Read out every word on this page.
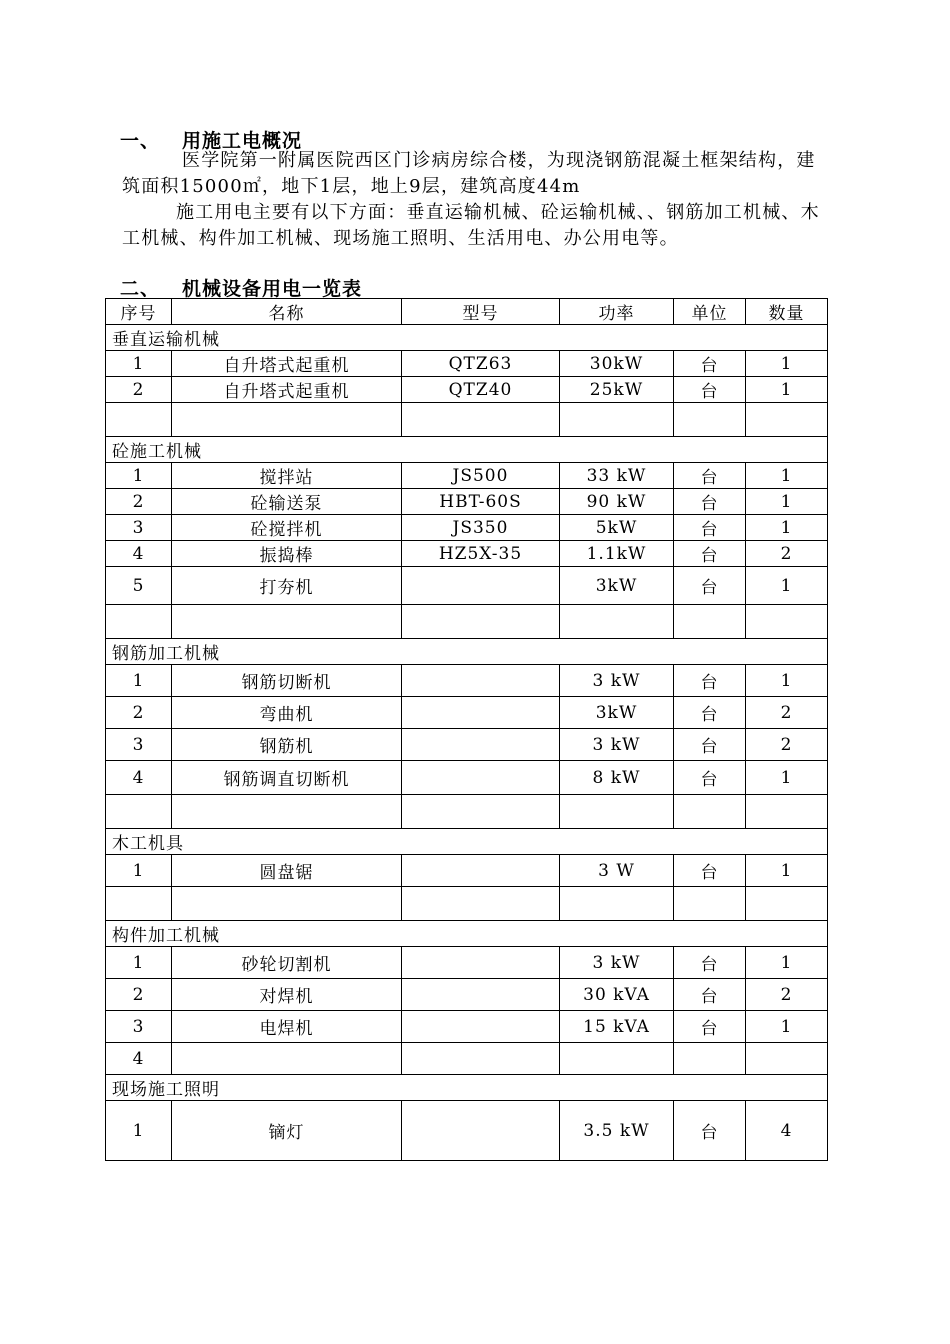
一、 用施工电概况
医学院第一附属医院西区门诊病房综合楼，为现浇钢筋混凝土框架结构，建筑面积15000㎡，地下1层，地上9层，建筑高度44m
施工用电主要有以下方面：垂直运输机械、砼运输机械、、钢筋加工机械、木工机械、构件加工机械、现场施工照明、生活用电、办公用电等。
二、 机械设备用电一览表
序号	名称	型号	功率	单位	数量
垂直运输机械					
1	自升塔式起重机	QTZ63	30kW	台	1
2	自升塔式起重机	QTZ40	25kW	台	1

砼施工机械					
1	搅拌站	JS500	33 kW	台	1
2	砼输送泵	HBT-60S	90 kW	台	1
3	砼搅拌机	JS350	5kW	台	1
4	振捣棒	HZ5X-35	1.1kW	台	2
5	打夯机		3kW	台	1

钢筋加工机械					
1	钢筋切断机		3 kW	台	1
2	弯曲机		3kW	台	2
3	钢筋机		3 kW	台	2
4	钢筋调直切断机		8 kW	台	1

木工机具					
1	圆盘锯		3 W	台	1

构件加工机械					
1	砂轮切割机		3 kW	台	1
2	对焊机		30 kVA	台	2
3	电焊机		15 kVA	台	1
4					
现场施工照明					
1	镝灯		3.5 kW	台	4
